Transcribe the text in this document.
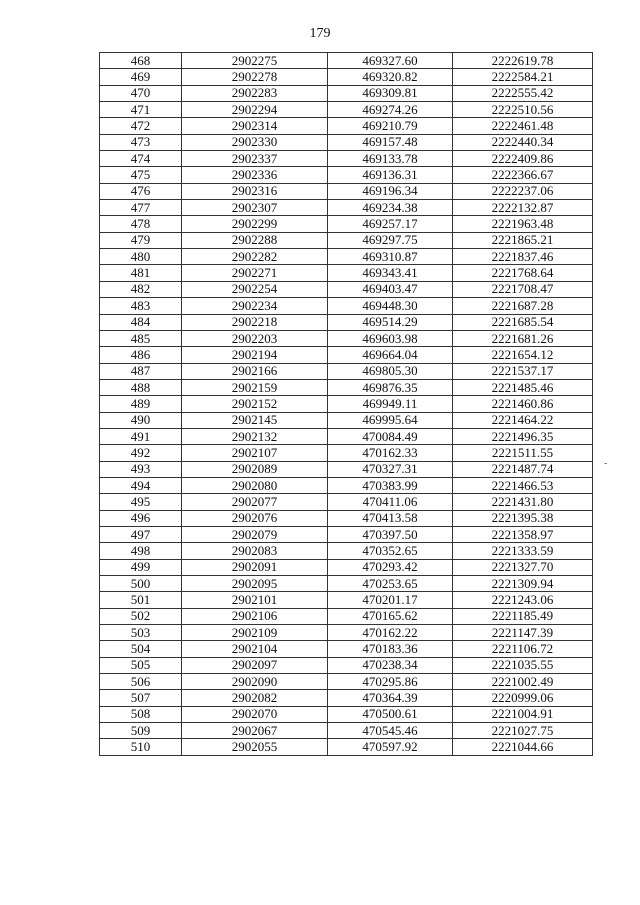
179
468	2902275	469327.60	2222619.78
469	2902278	469320.82	2222584.21
470	2902283	469309.81	2222555.42
471	2902294	469274.26	2222510.56
472	2902314	469210.79	2222461.48
473	2902330	469157.48	2222440.34
474	2902337	469133.78	2222409.86
475	2902336	469136.31	2222366.67
476	2902316	469196.34	2222237.06
477	2902307	469234.38	2222132.87
478	2902299	469257.17	2221963.48
479	2902288	469297.75	2221865.21
480	2902282	469310.87	2221837.46
481	2902271	469343.41	2221768.64
482	2902254	469403.47	2221708.47
483	2902234	469448.30	2221687.28
484	2902218	469514.29	2221685.54
485	2902203	469603.98	2221681.26
486	2902194	469664.04	2221654.12
487	2902166	469805.30	2221537.17
488	2902159	469876.35	2221485.46
489	2902152	469949.11	2221460.86
490	2902145	469995.64	2221464.22
491	2902132	470084.49	2221496.35
492	2902107	470162.33	2221511.55
493	2902089	470327.31	2221487.74
494	2902080	470383.99	2221466.53
495	2902077	470411.06	2221431.80
496	2902076	470413.58	2221395.38
497	2902079	470397.50	2221358.97
498	2902083	470352.65	2221333.59
499	2902091	470293.42	2221327.70
500	2902095	470253.65	2221309.94
501	2902101	470201.17	2221243.06
502	2902106	470165.62	2221185.49
503	2902109	470162.22	2221147.39
504	2902104	470183.36	2221106.72
505	2902097	470238.34	2221035.55
506	2902090	470295.86	2221002.49
507	2902082	470364.39	2220999.06
508	2902070	470500.61	2221004.91
509	2902067	470545.46	2221027.75
510	2902055	470597.92	2221044.66
-
